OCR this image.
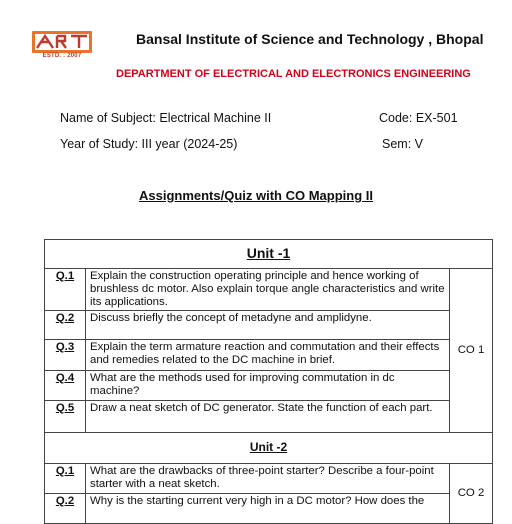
ESTD. : 2007
Bansal Institute of Science and Technology , Bhopal
DEPARTMENT OF ELECTRICAL AND ELECTRONICS ENGINEERING
Name of Subject: Electrical Machine II	Code: EX-501
Year of Study: III year (2024-25)	Sem: V
Assignments/Quiz with CO Mapping II
Unit -1		
Q.1	Explain the construction operating principle and hence working of brushless dc motor. Also explain torque angle characteristics and write its applications.	CO 1
Q.2	Discuss briefly the concept of metadyne and amplidyne.	
Q.3	Explain the term armature reaction and commutation and their effects and remedies related to the DC machine in brief.	
Q.4	What are the methods used for improving commutation in dc machine?	
Q.5	Draw a neat sketch of DC generator. State the function of each part.	
Unit -2		
Q.1	What are the drawbacks of three-point starter? Describe a four-point starter with a neat sketch.	CO 2
Q.2	Why is the starting current very high in a DC motor? How does the	
